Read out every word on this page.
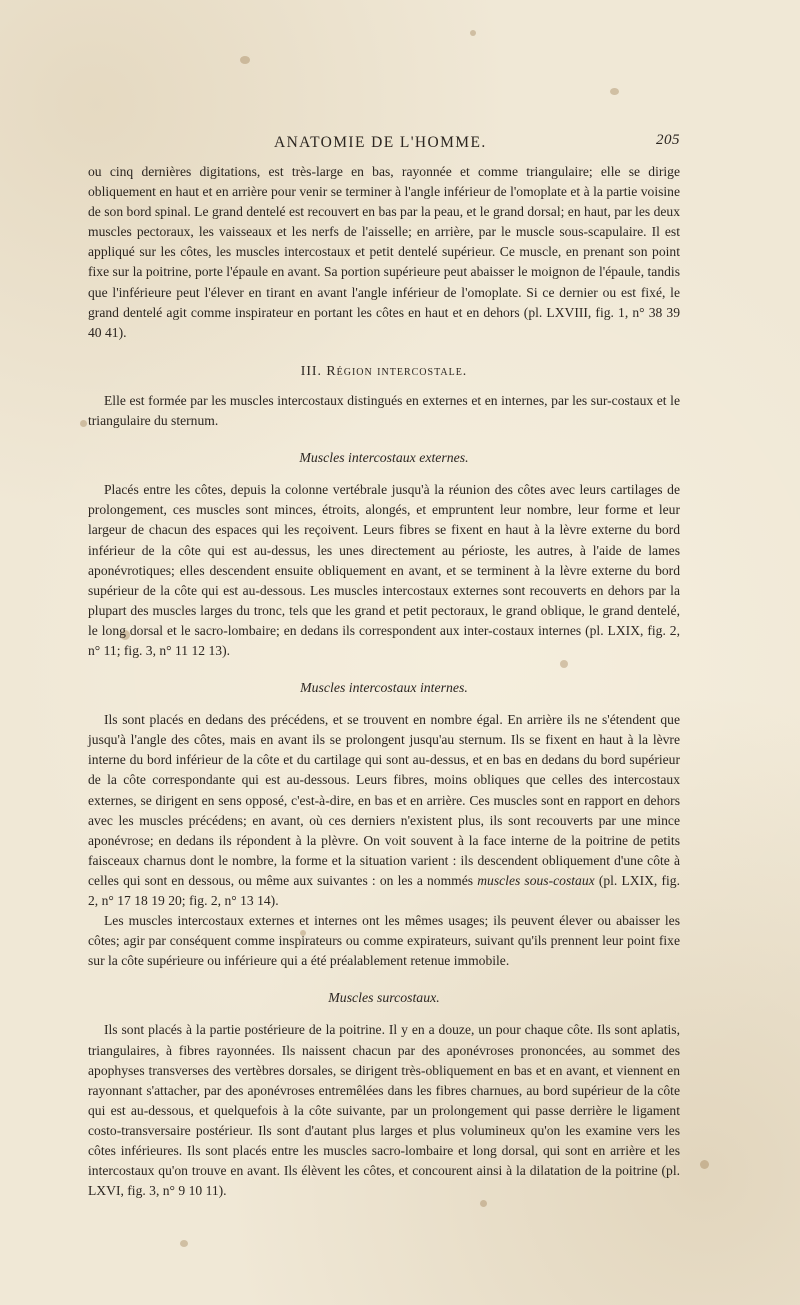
ANATOMIE DE L'HOMME.	205

ou cinq dernières digitations, est très-large en bas, rayonnée et comme triangulaire; elle se dirige obliquement en haut et en arrière pour venir se terminer à l'angle inférieur de l'omoplate et à la partie voisine de son bord spinal. Le grand dentelé est recouvert en bas par la peau, et le grand dorsal; en haut, par les deux muscles pectoraux, les vaisseaux et les nerfs de l'aisselle; en arrière, par le muscle sous-scapulaire. Il est appliqué sur les côtes, les muscles intercostaux et petit dentelé supérieur. Ce muscle, en prenant son point fixe sur la poitrine, porte l'épaule en avant. Sa portion supérieure peut abaisser le moignon de l'épaule, tandis que l'inférieure peut l'élever en tirant en avant l'angle inférieur de l'omoplate. Si ce dernier ou est fixé, le grand dentelé agit comme inspirateur en portant les côtes en haut et en dehors (pl. LXVIII, fig. 1, n° 38 39 40 41).

III. Région intercostale.

Elle est formée par les muscles intercostaux distingués en externes et en internes, par les sur-costaux et le triangulaire du sternum.

Muscles intercostaux externes.

Placés entre les côtes, depuis la colonne vertébrale jusqu'à la réunion des côtes avec leurs cartilages de prolongement, ces muscles sont minces, étroits, alongés, et empruntent leur nombre, leur forme et leur largeur de chacun des espaces qui les reçoivent. Leurs fibres se fixent en haut à la lèvre externe du bord inférieur de la côte qui est au-dessus, les unes directement au périoste, les autres, à l'aide de lames aponévrotiques; elles descendent ensuite obliquement en avant, et se terminent à la lèvre externe du bord supérieur de la côte qui est au-dessous. Les muscles intercostaux externes sont recouverts en dehors par la plupart des muscles larges du tronc, tels que les grand et petit pectoraux, le grand oblique, le grand dentelé, le long dorsal et le sacro-lombaire; en dedans ils correspondent aux inter-costaux internes (pl. LXIX, fig. 2, n° 11; fig. 3, n° 11 12 13).

Muscles intercostaux internes.

Ils sont placés en dedans des précédens, et se trouvent en nombre égal. En arrière ils ne s'étendent que jusqu'à l'angle des côtes, mais en avant ils se prolongent jusqu'au sternum. Ils se fixent en haut à la lèvre interne du bord inférieur de la côte et du cartilage qui sont au-dessus, et en bas en dedans du bord supérieur de la côte correspondante qui est au-dessous. Leurs fibres, moins obliques que celles des intercostaux externes, se dirigent en sens opposé, c'est-à-dire, en bas et en arrière. Ces muscles sont en rapport en dehors avec les muscles précédens; en avant, où ces derniers n'existent plus, ils sont recouverts par une mince aponévrose; en dedans ils répondent à la plèvre. On voit souvent à la face interne de la poitrine de petits faisceaux charnus dont le nombre, la forme et la situation varient : ils descendent obliquement d'une côte à celles qui sont en dessous, ou même aux suivantes : on les a nommés muscles sous-costaux (pl. LXIX, fig. 2, n° 17 18 19 20; fig. 2, n° 13 14).

Les muscles intercostaux externes et internes ont les mêmes usages; ils peuvent élever ou abaisser les côtes; agir par conséquent comme inspirateurs ou comme expirateurs, suivant qu'ils prennent leur point fixe sur la côte supérieure ou inférieure qui a été préalablement retenue immobile.

Muscles surcostaux.

Ils sont placés à la partie postérieure de la poitrine. Il y en a douze, un pour chaque côte. Ils sont aplatis, triangulaires, à fibres rayonnées. Ils naissent chacun par des aponévroses prononcées, au sommet des apophyses transverses des vertèbres dorsales, se dirigent très-obliquement en bas et en avant, et viennent en rayonnant s'attacher, par des aponévroses entremêlées dans les fibres charnues, au bord supérieur de la côte qui est au-dessous, et quelquefois à la côte suivante, par un prolongement qui passe derrière le ligament costo-transversaire postérieur. Ils sont d'autant plus larges et plus volumineux qu'on les examine vers les côtes inférieures. Ils sont placés entre les muscles sacro-lombaire et long dorsal, qui sont en arrière et les intercostaux qu'on trouve en avant. Ils élèvent les côtes, et concourent ainsi à la dilatation de la poitrine (pl. LXVI, fig. 3, n° 9 10 11).
